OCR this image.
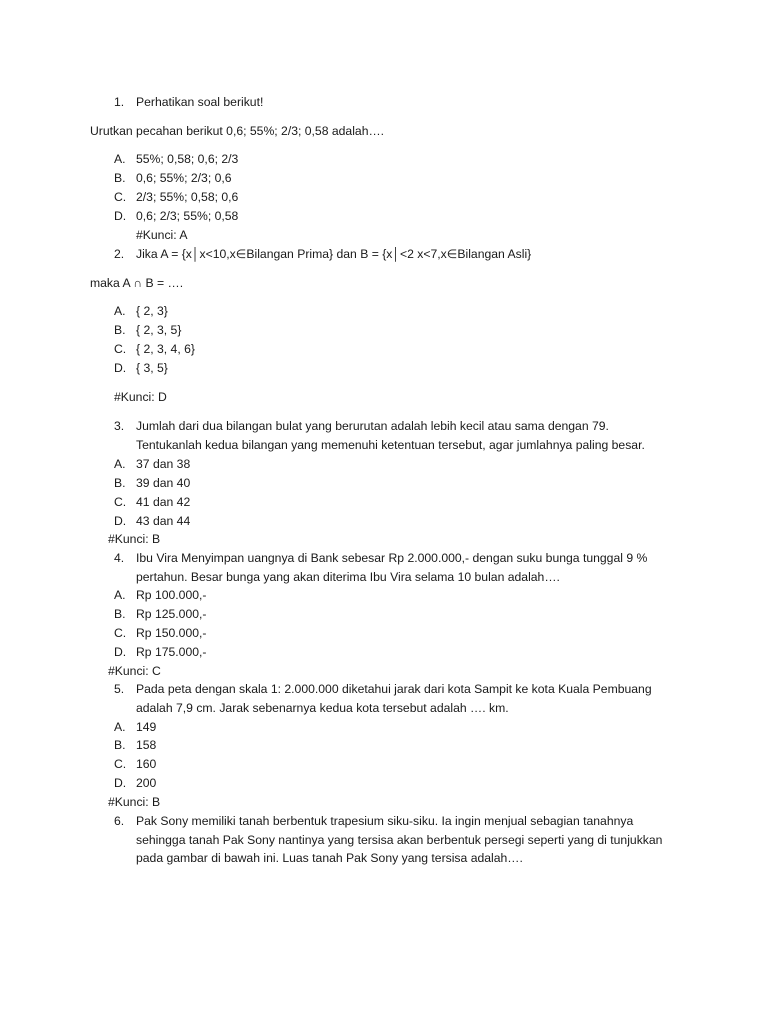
1. Perhatikan soal berikut!
Urutkan pecahan berikut 0,6; 55%; 2/3; 0,58 adalah….
A. 55%; 0,58; 0,6; 2/3
B. 0,6; 55%; 2/3; 0,6
C. 2/3; 55%; 0,58; 0,6
D. 0,6; 2/3; 55%; 0,58
#Kunci: A
2. Jika A = {x│x<10,x∈Bilangan Prima} dan B = {x│<2 x<7,x∈Bilangan Asli}
maka A ∩ B = ….
A. { 2, 3}
B. { 2, 3, 5}
C. { 2, 3, 4, 6}
D. { 3, 5}
#Kunci: D
3. Jumlah dari dua bilangan bulat yang berurutan adalah lebih kecil atau sama dengan 79.
Tentukanlah kedua bilangan yang memenuhi ketentuan tersebut, agar jumlahnya paling besar.
A. 37 dan 38
B. 39 dan 40
C. 41 dan 42
D. 43 dan 44
#Kunci: B
4. Ibu Vira Menyimpan uangnya di Bank sebesar Rp 2.000.000,- dengan suku bunga tunggal 9 %
pertahun. Besar bunga yang akan diterima Ibu Vira selama 10 bulan adalah….
A. Rp 100.000,-
B. Rp 125.000,-
C. Rp 150.000,-
D. Rp 175.000,-
#Kunci: C
5. Pada peta dengan skala 1: 2.000.000 diketahui jarak dari kota Sampit ke kota Kuala Pembuang
adalah 7,9 cm. Jarak sebenarnya kedua kota tersebut adalah …. km.
A. 149
B. 158
C. 160
D. 200
#Kunci: B
6. Pak Sony memiliki tanah berbentuk trapesium siku-siku. Ia ingin menjual sebagian tanahnya
sehingga tanah Pak Sony nantinya yang tersisa akan berbentuk persegi seperti yang di tunjukkan
pada gambar di bawah ini. Luas tanah Pak Sony yang tersisa adalah….
